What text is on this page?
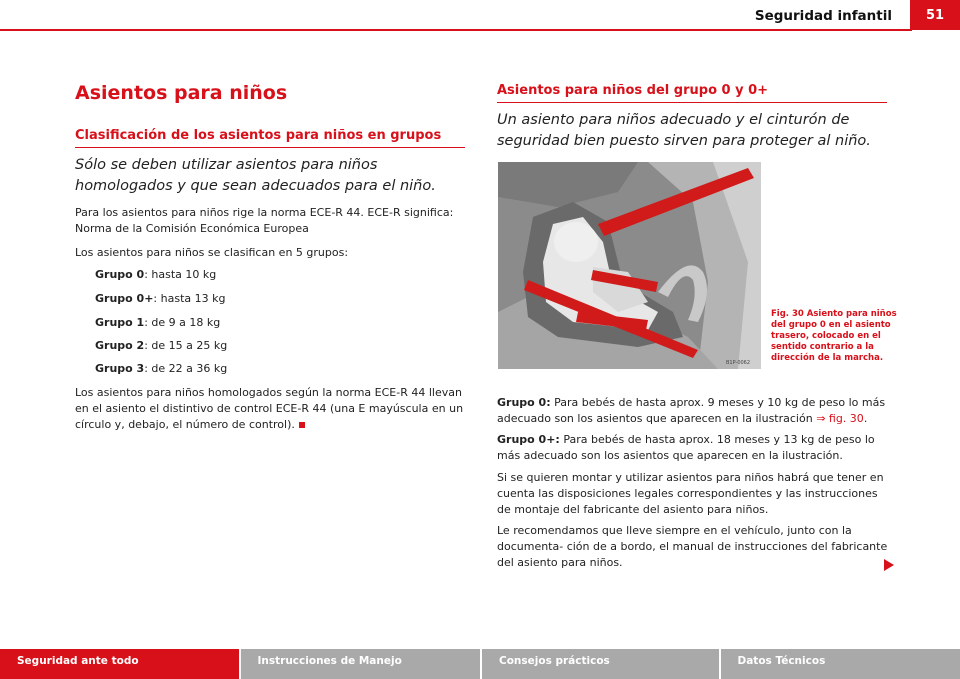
Seguridad infantil	51
Asientos para niños
Clasificación de los asientos para niños en grupos
Sólo se deben utilizar asientos para niños homologados y que sean adecuados para el niño.
Para los asientos para niños rige la norma ECE-R 44. ECE-R significa: Norma de la Comisión Económica Europea
Los asientos para niños se clasifican en 5 grupos:
Grupo 0: hasta 10 kg
Grupo 0+: hasta 13 kg
Grupo 1: de 9 a 18 kg
Grupo 2: de 15 a 25 kg
Grupo 3: de 22 a 36 kg
Los asientos para niños homologados según la norma ECE-R 44 llevan en el asiento el distintivo de control ECE-R 44 (una E mayúscula en un círculo y, debajo, el número de control).
Asientos para niños del grupo 0 y 0+
Un asiento para niños adecuado y el cinturón de seguridad bien puesto sirven para proteger al niño.
B1P-0062
Fig. 30 Asiento para niños del grupo 0 en el asiento trasero, colocado en el sentido contrario a la dirección de la marcha.
Grupo 0: Para bebés de hasta aprox. 9 meses y 10 kg de peso lo más adecuado son los asientos que aparecen en la ilustración ⇒ fig. 30.
Grupo 0+: Para bebés de hasta aprox. 18 meses y 13 kg de peso lo más adecuado son los asientos que aparecen en la ilustración.
Si se quieren montar y utilizar asientos para niños habrá que tener en cuenta las disposiciones legales correspondientes y las instrucciones de montaje del fabricante del asiento para niños.
Le recomendamos que lleve siempre en el vehículo, junto con la documenta- ción de a bordo, el manual de instrucciones del fabricante del asiento para niños.
Seguridad ante todo	Instrucciones de Manejo	Consejos prácticos	Datos Técnicos
